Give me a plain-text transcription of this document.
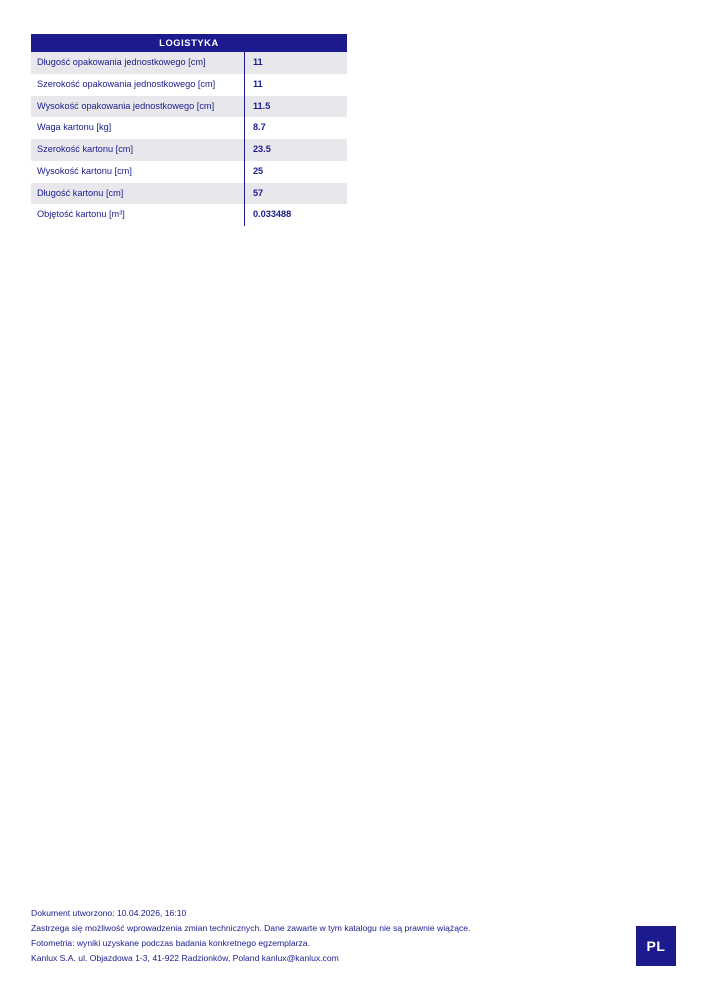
LOGISTYKA	
Długość opakowania jednostkowego [cm]	11
Szerokość opakowania jednostkowego [cm]	11
Wysokość opakowania jednostkowego [cm]	11.5
Waga kartonu [kg]	8.7
Szerokość kartonu [cm]	23.5
Wysokość kartonu [cm]	25
Długość kartonu [cm]	57
Objętość kartonu [m³]	0.033488
Dokument utworzono: 10.04.2026, 16:10
Zastrzega się możliwość wprowadzenia zmian technicznych. Dane zawarte w tym katalogu nie są prawnie wiążące.
Fotometria: wyniki uzyskane podczas badania konkretnego egzemplarza.
Kanlux S.A. ul. Objazdowa 1-3, 41-922 Radzionków, Poland kanlux@kanlux.com
PL
